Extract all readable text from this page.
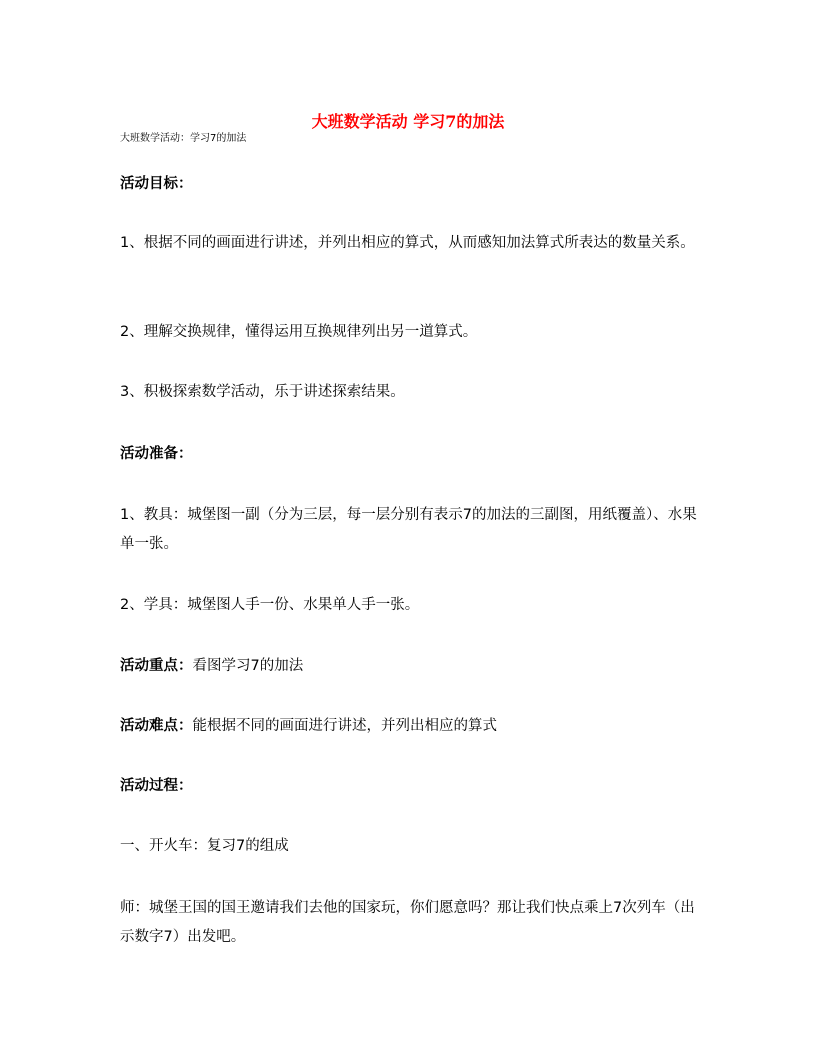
大班数学活动 学习7的加法
大班数学活动：学习7的加法

活动目标：

1、根据不同的画面进行讲述，并列出相应的算式，从而感知加法算式所表达的数量关系。

2、理解交换规律，懂得运用互换规律列出另一道算式。

3、积极探索数学活动，乐于讲述探索结果。

活动准备：

1、教具：城堡图一副（分为三层，每一层分别有表示7的加法的三副图，用纸覆盖）、水果单一张。

2、学具：城堡图人手一份、水果单人手一张。

活动重点：看图学习7的加法

活动难点：能根据不同的画面进行讲述，并列出相应的算式

活动过程：

一、开火车：复习7的组成

师：城堡王国的国王邀请我们去他的国家玩，你们愿意吗？那让我们快点乘上7次列车（出示数字7）出发吧。
